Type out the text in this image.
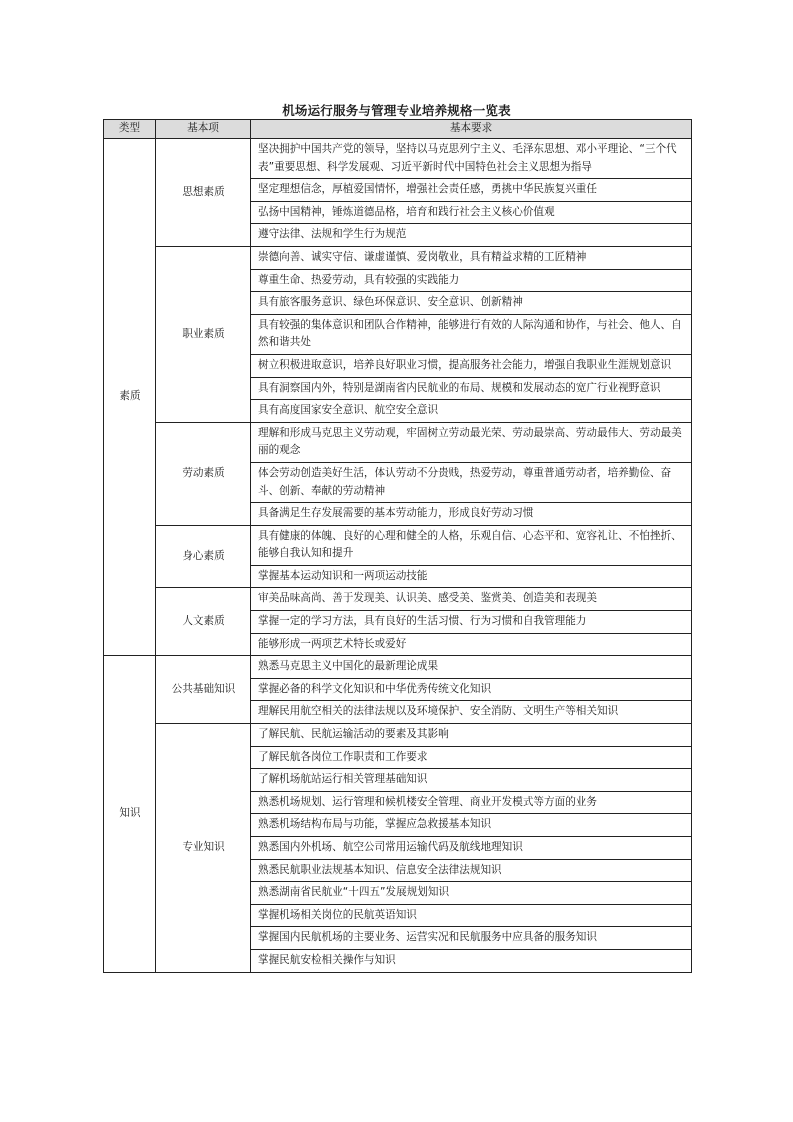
机场运行服务与管理专业培养规格一览表
类型	基本项	基本要求
素质	思想素质	坚决拥护中国共产党的领导，坚持以马克思列宁主义、毛泽东思想、邓小平理论、“三个代表”重要思想、科学发展观、习近平新时代中国特色社会主义思想为指导
		坚定理想信念，厚植爱国情怀，增强社会责任感，勇挑中华民族复兴重任
		弘扬中国精神，锤炼道德品格，培育和践行社会主义核心价值观
		遵守法律、法规和学生行为规范
	职业素质	崇德向善、诚实守信、谦虚谨慎、爱岗敬业，具有精益求精的工匠精神
		尊重生命、热爱劳动，具有较强的实践能力
		具有旅客服务意识、绿色环保意识、安全意识、创新精神
		具有较强的集体意识和团队合作精神，能够进行有效的人际沟通和协作，与社会、他人、自然和谐共处
		树立积极进取意识，培养良好职业习惯，提高服务社会能力，增强自我职业生涯规划意识
		具有洞察国内外，特别是湖南省内民航业的布局、规模和发展动态的宽广行业视野意识
		具有高度国家安全意识、航空安全意识
	劳动素质	理解和形成马克思主义劳动观，牢固树立劳动最光荣、劳动最崇高、劳动最伟大、劳动最美丽的观念
		体会劳动创造美好生活，体认劳动不分贵贱，热爱劳动，尊重普通劳动者，培养勤俭、奋斗、创新、奉献的劳动精神
		具备满足生存发展需要的基本劳动能力，形成良好劳动习惯
	身心素质	具有健康的体魄、良好的心理和健全的人格，乐观自信、心态平和、宽容礼让、不怕挫折、能够自我认知和提升
		掌握基本运动知识和一两项运动技能
	人文素质	审美品味高尚、善于发现美、认识美、感受美、鉴赏美、创造美和表现美
		掌握一定的学习方法，具有良好的生活习惯、行为习惯和自我管理能力
		能够形成一两项艺术特长或爱好
知识	公共基础知识	熟悉马克思主义中国化的最新理论成果
		掌握必备的科学文化知识和中华优秀传统文化知识
		理解民用航空相关的法律法规以及环境保护、安全消防、文明生产等相关知识
	专业知识	了解民航、民航运输活动的要素及其影响
		了解民航各岗位工作职责和工作要求
		了解机场航站运行相关管理基础知识
		熟悉机场规划、运行管理和候机楼安全管理、商业开发模式等方面的业务
		熟悉机场结构布局与功能，掌握应急救援基本知识
		熟悉国内外机场、航空公司常用运输代码及航线地理知识
		熟悉民航职业法规基本知识、信息安全法律法规知识
		熟悉湖南省民航业“十四五”发展规划知识
		掌握机场相关岗位的民航英语知识
		掌握国内民航机场的主要业务、运营实况和民航服务中应具备的服务知识
		掌握民航安检相关操作与知识
